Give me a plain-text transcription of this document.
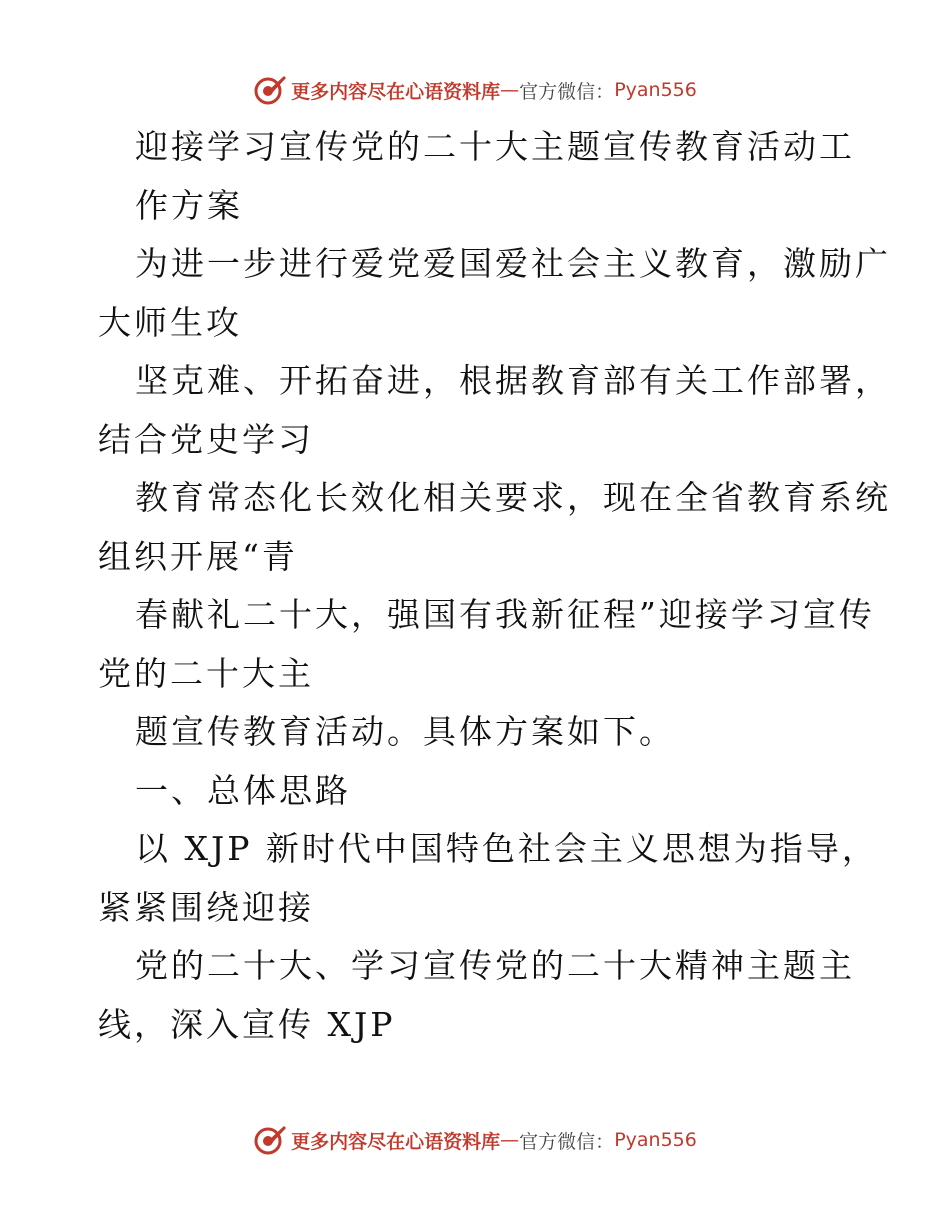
更多内容尽在心语资料库 — 官方微信： Pyan556
迎接学习宣传党的二十大主题宣传教育活动工
作方案
为进一步进行爱党爱国爱社会主义教育，激励广
大师生攻
坚克难、开拓奋进，根据教育部有关工作部署，
结合党史学习
教育常态化长效化相关要求，现在全省教育系统
组织开展“青
春献礼二十大，强国有我新征程”迎接学习宣传
党的二十大主
题宣传教育活动。具体方案如下。
一、总体思路
以 XJP 新时代中国特色社会主义思想为指导，
紧紧围绕迎接
党的二十大、学习宣传党的二十大精神主题主
线，深入宣传 XJP
更多内容尽在心语资料库 — 官方微信： Pyan556
